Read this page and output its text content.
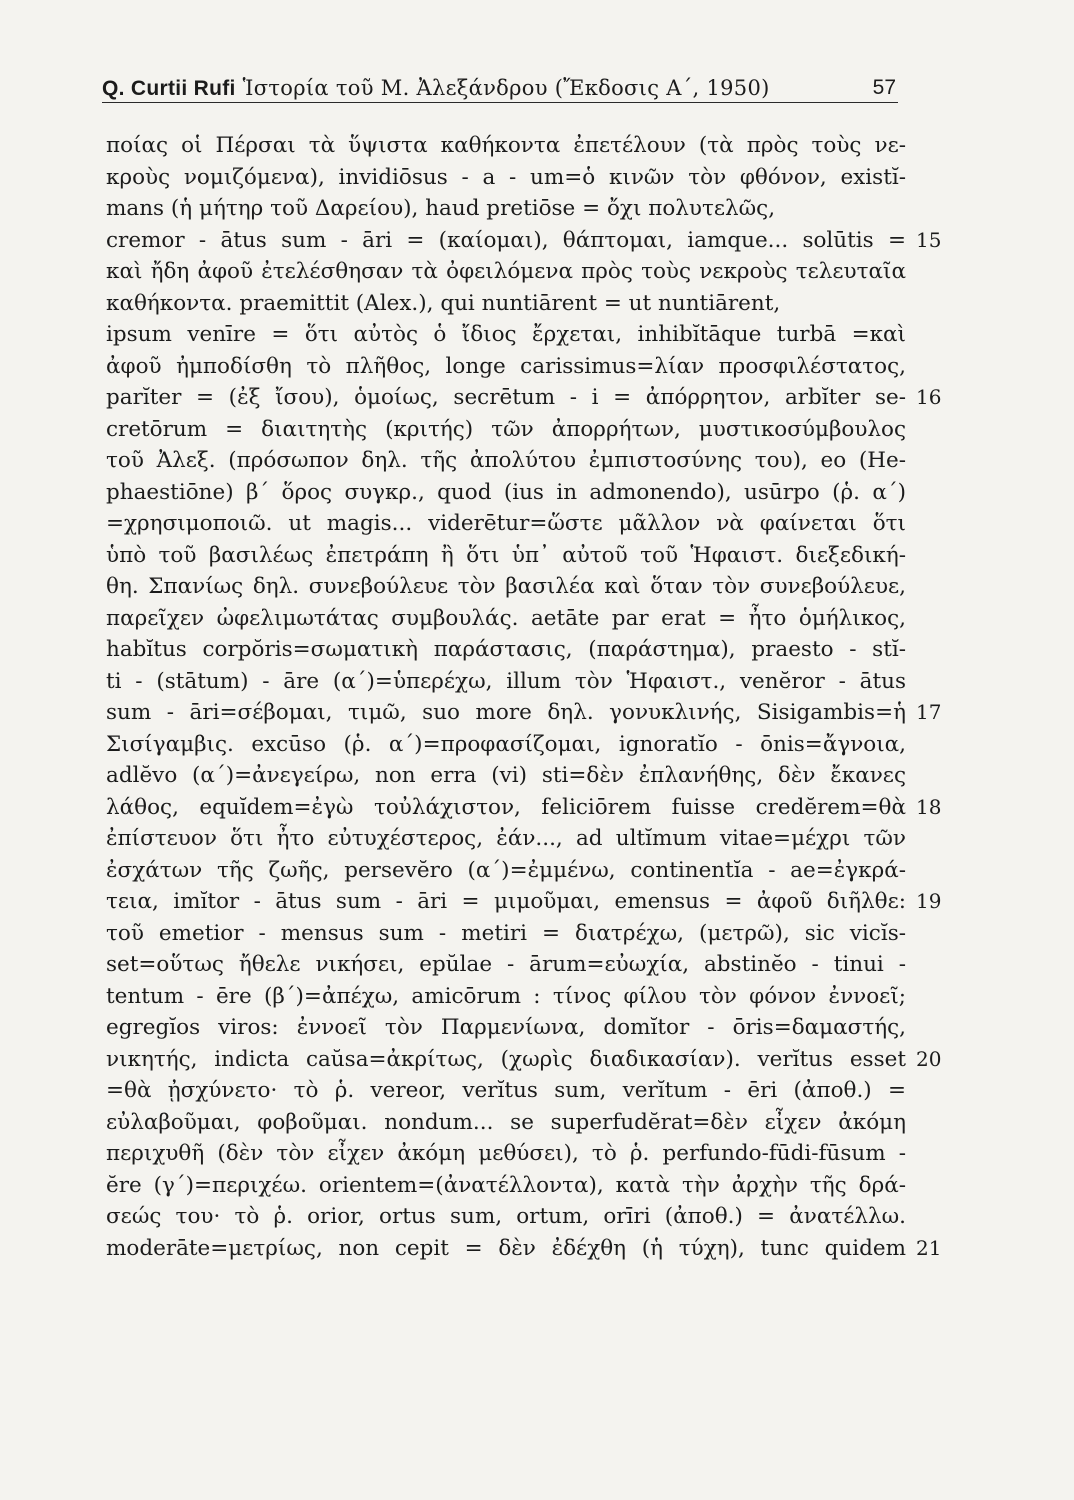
Q. Curtii Rufi Ἱστορία τοῦ Μ. Ἀλεξάνδρου (Ἔκδοσις Α΄, 1950)	57
ποίας οἱ Πέρσαι τὰ ὕψιστα καθήκοντα ἐπετέλουν (τὰ πρὸς τοὺς νε-
κροὺς νομιζόμενα), invidiōsus - a - um=ὁ κινῶν τὸν φθόνον, existĭ-
mans (ἡ μήτηρ τοῦ Δαρείου), haud pretiōse = ὄχι πολυτελῶς,
cremor - ātus sum - āri = (καίομαι), θάπτομαι, iamque... solūtis = 15
καὶ ἤδη ἀφοῦ ἐτελέσθησαν τὰ ὀφειλόμενα πρὸς τοὺς νεκροὺς τελευταῖα
καθήκοντα. praemittit (Alex.), qui nuntiārent = ut nuntiārent,
ipsum venīre = ὅτι αὐτὸς ὁ ἴδιος ἔρχεται, inhibĭtāque turbā =καὶ
ἀφοῦ ἠμποδίσθη τὸ πλῆθος, longe carissimus=λίαν προσφιλέστατος,
parĭter = (ἐξ ἴσου), ὁμοίως, secrētum - i = ἀπόρρητον, arbĭter se- 16
cretōrum = διαιτητὴς (κριτής) τῶν ἀπορρήτων, μυστικοσύμβουλος
τοῦ Ἀλεξ. (πρόσωπον δηλ. τῆς ἀπολύτου ἐμπιστοσύνης του), eo (He-
phaestiōne) β΄ ὅρος συγκρ., quod (ius in admonendo), usūrpo (ῥ. α΄)
=χρησιμοποιῶ. ut magis... viderētur=ὥστε μᾶλλον νὰ φαίνεται ὅτι
ὑπὸ τοῦ βασιλέως ἐπετράπη ἢ ὅτι ὑπ᾿ αὐτοῦ τοῦ Ἡφαιστ. διεξεδική-
θη. Σπανίως δηλ. συνεβούλευε τὸν βασιλέα καὶ ὅταν τὸν συνεβούλευε,
παρεῖχεν ὠφελιμωτάτας συμβουλάς. aetāte par erat = ἦτο ὁμήλικος,
habĭtus corpŏris=σωματικὴ παράστασις, (παράστημα), praesto - stĭ-
ti - (stātum) - āre (α΄)=ὑπερέχω, illum τὸν Ἡφαιστ., venĕror - ātus
sum - āri=σέβομαι, τιμῶ, suo more δηλ. γονυκλινής, Sisigambis=ἡ 17
Σισίγαμβις. excūso (ῥ. α΄)=προφασίζομαι, ignoratĭo - ōnis=ἄγνοια,
adlĕvo (α΄)=ἀνεγείρω, non erra (vi) sti=δὲν ἐπλανήθης, δὲν ἔκανες
λάθος, equĭdem=ἐγὼ τοὐλάχιστον, feliciōrem fuisse credĕrem=θὰ 18
ἐπίστευον ὅτι ἦτο εὐτυχέστερος, ἐάν..., ad ultĭmum vitae=μέχρι τῶν
ἐσχάτων τῆς ζωῆς, persevĕro (α΄)=ἐμμένω, continentĭa - ae=ἐγκρά-
τεια, imĭtor - ātus sum - āri = μιμοῦμαι, emensus = ἀφοῦ διῆλθε: 19
τοῦ emetior - mensus sum - metiri = διατρέχω, (μετρῶ), sic vicĭs-
set=οὕτως ἤθελε νικήσει, epŭlae - ārum=εὐωχία, abstinĕo - tinui -
tentum - ēre (β΄)=ἀπέχω, amicōrum : τίνος φίλου τὸν φόνον ἐννοεῖ;
egregĭos viros: ἐννοεῖ τὸν Παρμενίωνα, domĭtor - ōris=δαμαστής,
νικητής, indicta caŭsa=ἀκρίτως, (χωρὶς διαδικασίαν). verĭtus esset 20
=θὰ ᾐσχύνετο· τὸ ῥ. vereor, verĭtus sum, verĭtum - ēri (ἀποθ.) =
εὐλαβοῦμαι, φοβοῦμαι. nondum... se superfudĕrat=δὲν εἶχεν ἀκόμη
περιχυθῆ (δὲν τὸν εἶχεν ἀκόμη μεθύσει), τὸ ῥ. perfundo-fūdi-fūsum -
ĕre (γ΄)=περιχέω. orientem=(ἀνατέλλοντα), κατὰ τὴν ἀρχὴν τῆς δρά-
σεώς του· τὸ ῥ. orior, ortus sum, ortum, orīri (ἀποθ.) = ἀνατέλλω.
moderāte=μετρίως, non cepit = δὲν ἐδέχθη (ἡ τύχη), tunc quidem 21
